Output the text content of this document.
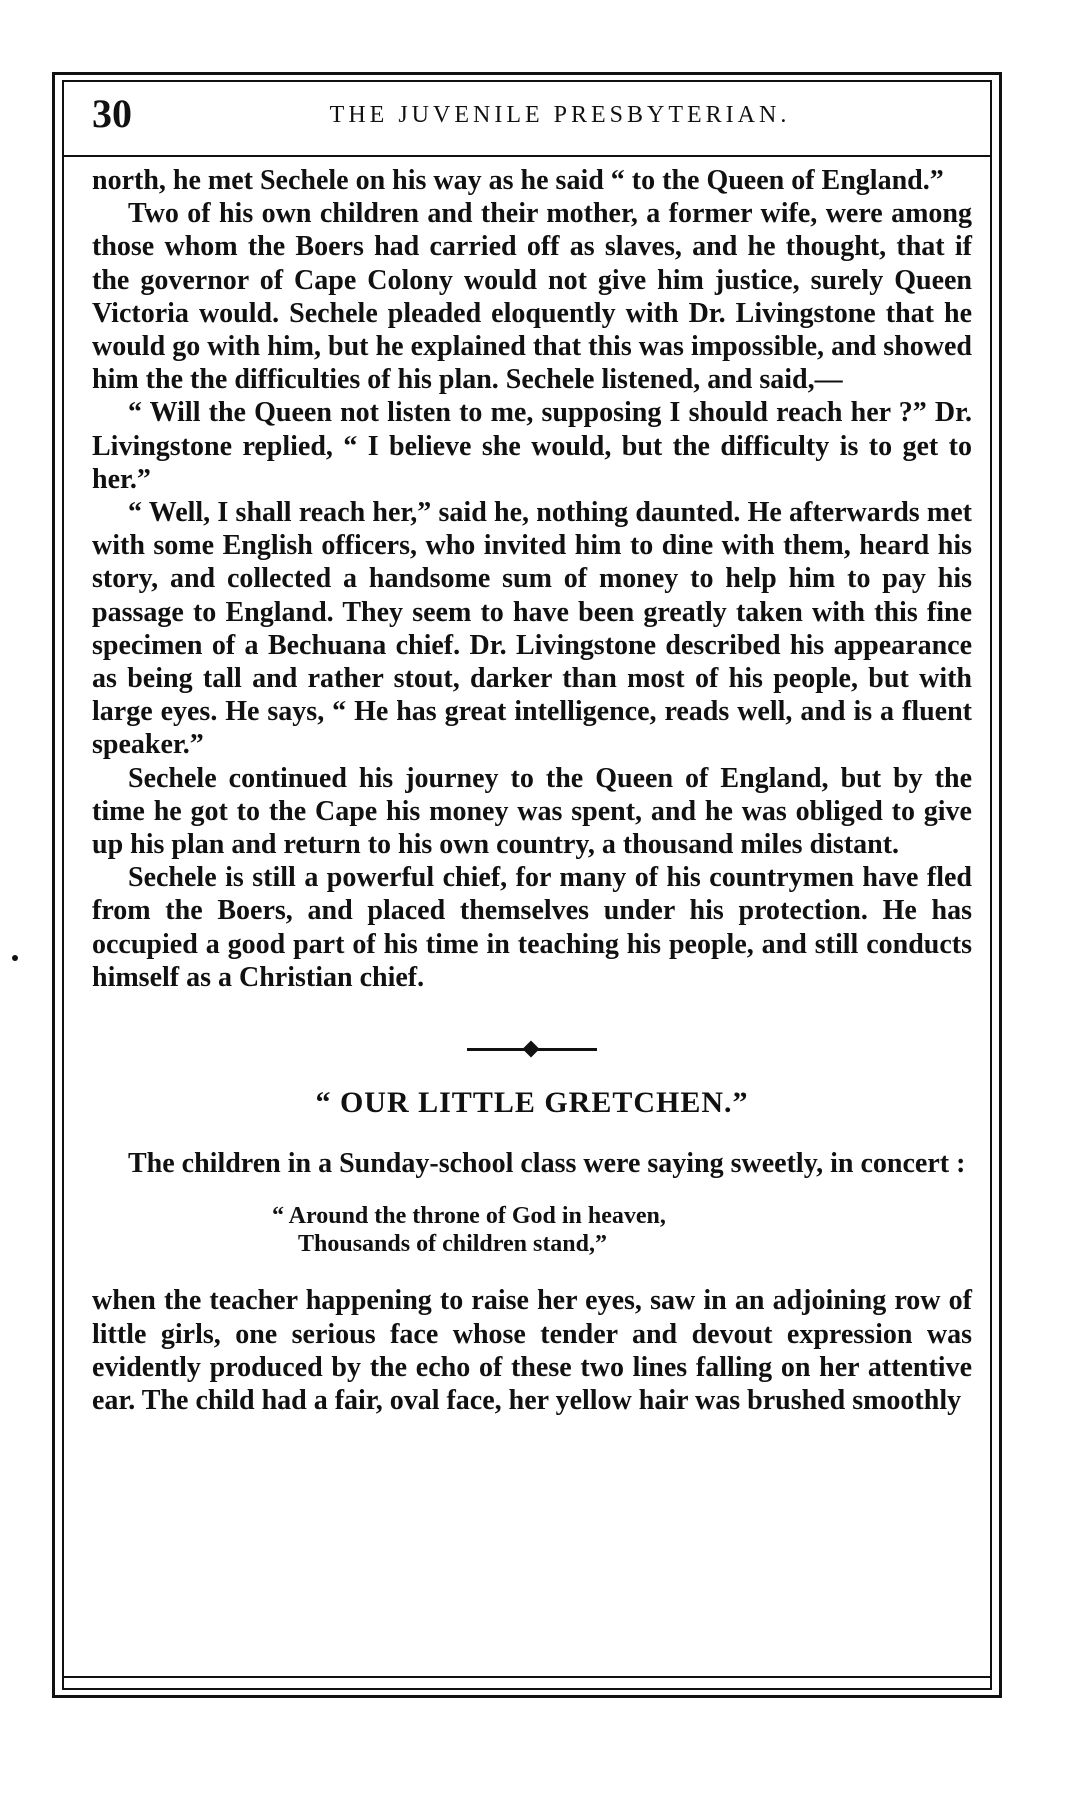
30	THE JUVENILE PRESBYTERIAN.

north, he met Sechele on his way as he said “ to the Queen of England.”

Two of his own children and their mother, a former wife, were among those whom the Boers had carried off as slaves, and he thought, that if the governor of Cape Colony would not give him justice, surely Queen Victoria would. Sechele pleaded eloquently with Dr. Livingstone that he would go with him, but he explained that this was impossible, and showed him the the difficulties of his plan. Sechele listened, and said,—

“ Will the Queen not listen to me, supposing I should reach her ?” Dr. Livingstone replied, “ I believe she would, but the difficulty is to get to her.”

“ Well, I shall reach her,” said he, nothing daunted. He afterwards met with some English officers, who invited him to dine with them, heard his story, and collected a handsome sum of money to help him to pay his passage to England. They seem to have been greatly taken with this fine specimen of a Bechuana chief. Dr. Livingstone described his appearance as being tall and rather stout, darker than most of his people, but with large eyes. He says, “ He has great intelligence, reads well, and is a fluent speaker.”

Sechele continued his journey to the Queen of England, but by the time he got to the Cape his money was spent, and he was obliged to give up his plan and return to his own country, a thousand miles distant.

Sechele is still a powerful chief, for many of his countrymen have fled from the Boers, and placed themselves under his protection. He has occupied a good part of his time in teaching his people, and still conducts himself as a Christian chief.

“ OUR LITTLE GRETCHEN.”

The children in a Sunday-school class were saying sweetly, in concert :

“ Around the throne of God in heaven,
Thousands of children stand,”

when the teacher happening to raise her eyes, saw in an adjoining row of little girls, one serious face whose tender and devout expression was evidently produced by the echo of these two lines falling on her attentive ear. The child had a fair, oval face, her yellow hair was brushed smoothly
